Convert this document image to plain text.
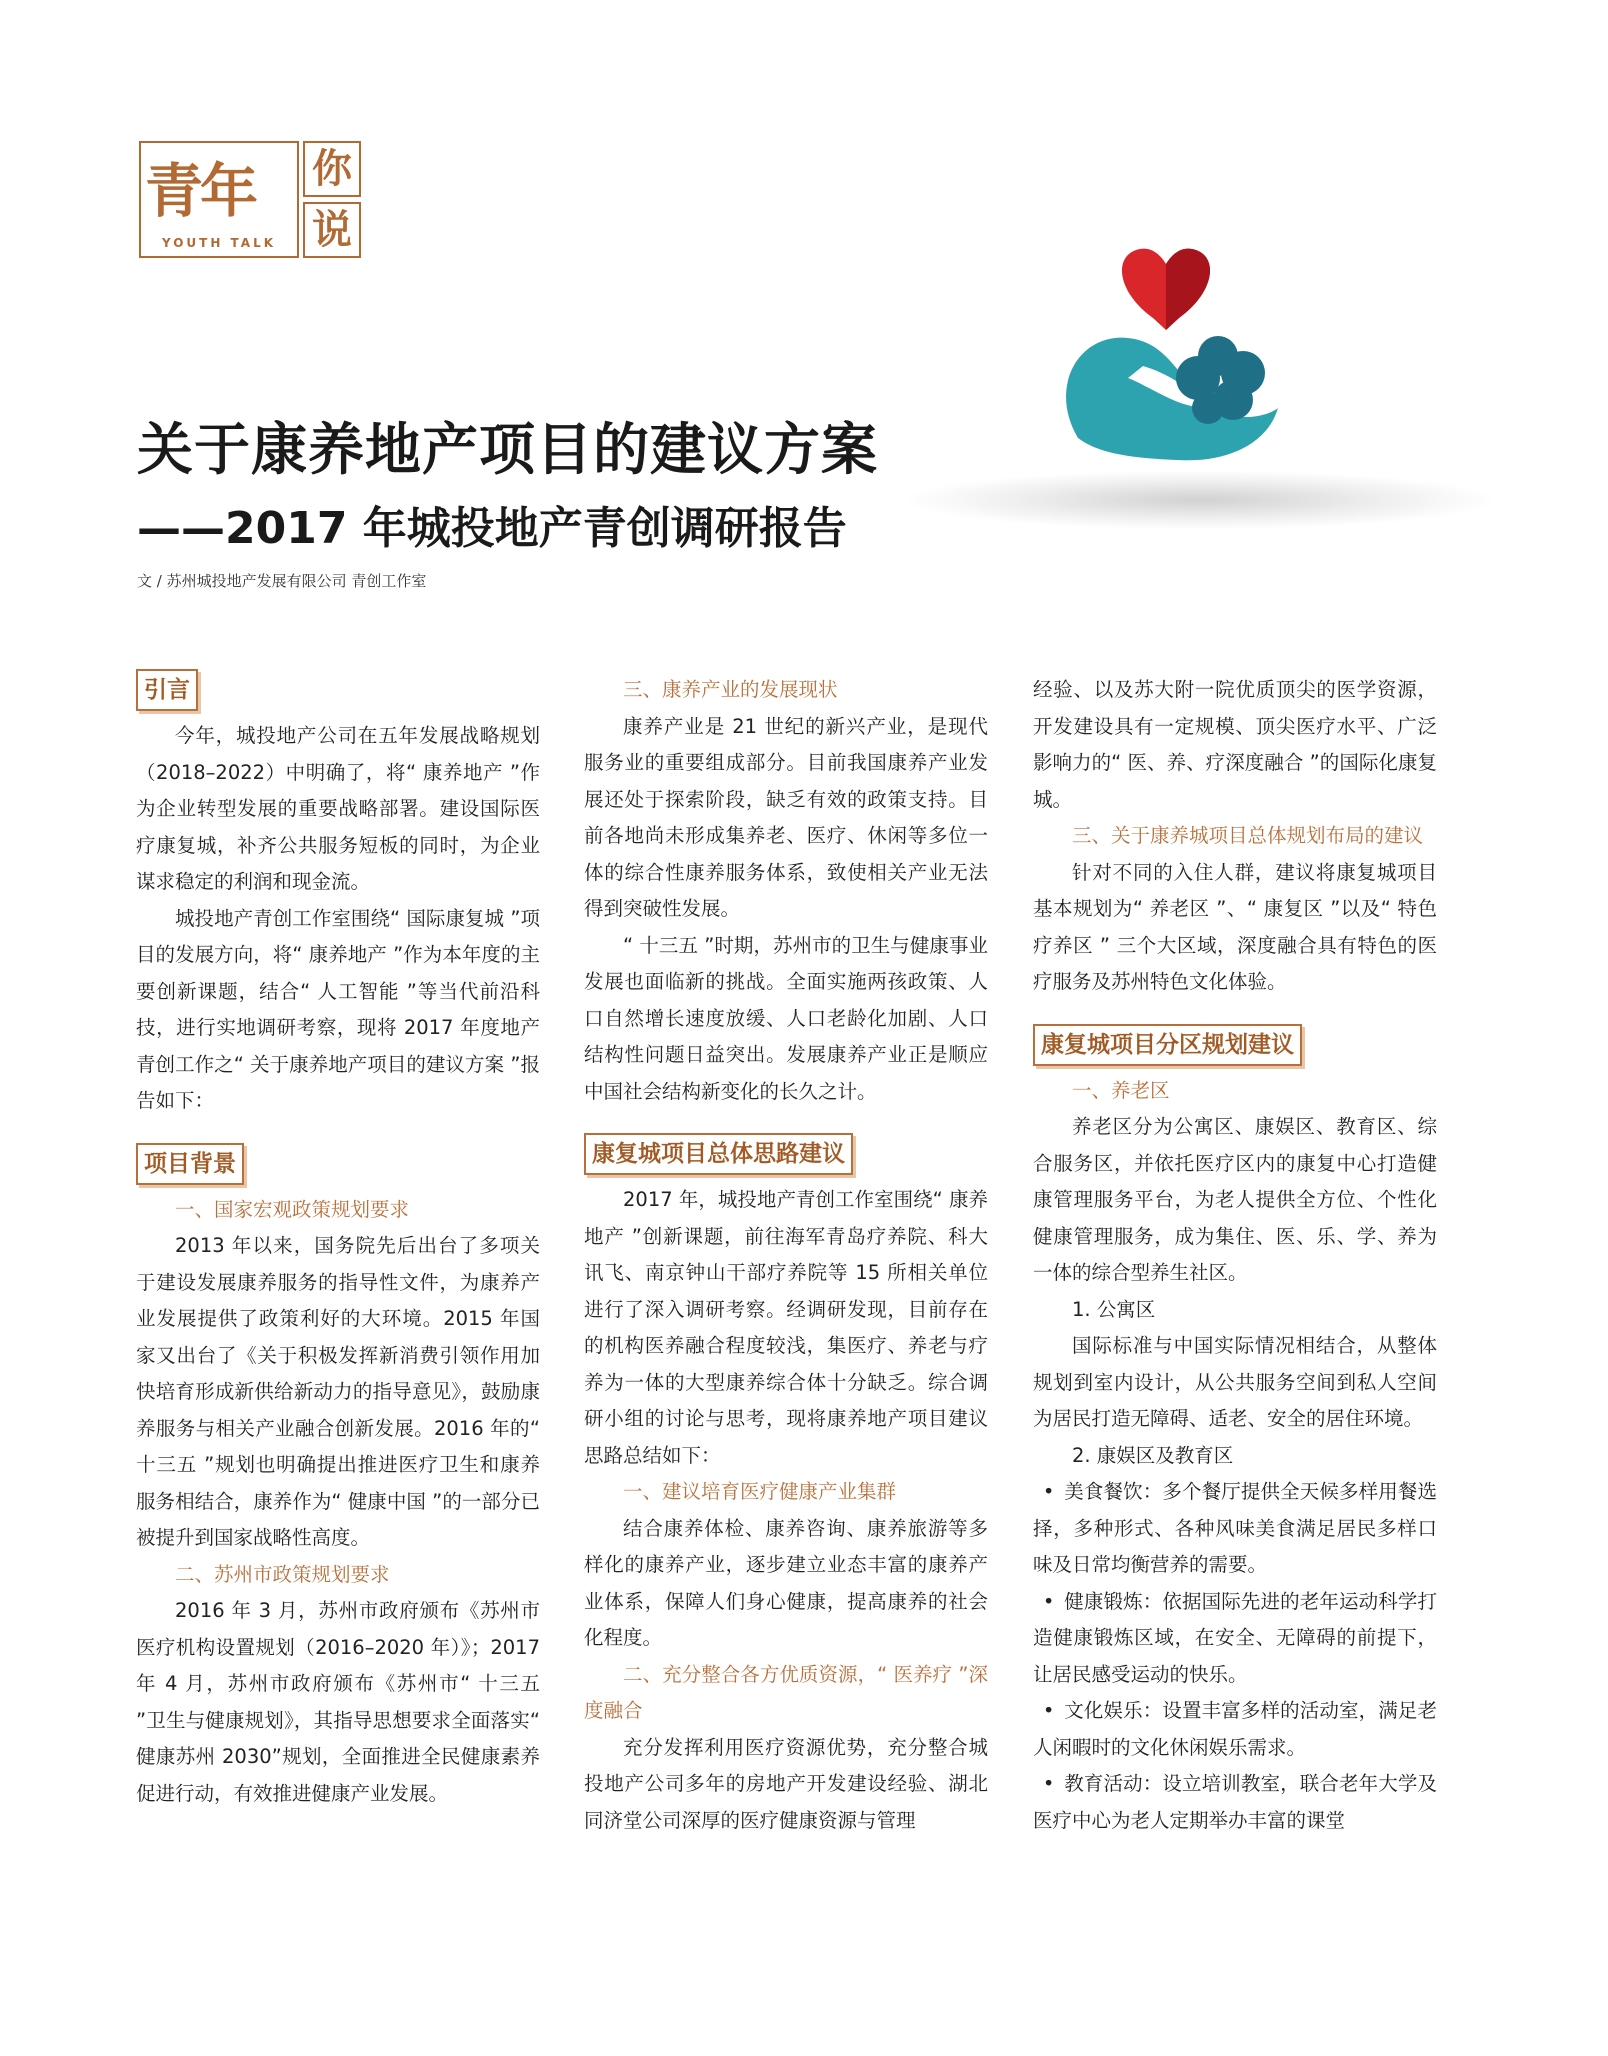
青年
YOUTH TALK
你
说
关于康养地产项目的建议方案
——2017 年城投地产青创调研报告
文 / 苏州城投地产发展有限公司 青创工作室
引言

今年，城投地产公司在五年发展战略规划（2018–2022）中明确了，将“ 康养地产 ”作为企业转型发展的重要战略部署。建设国际医疗康复城，补齐公共服务短板的同时，为企业谋求稳定的利润和现金流。

城投地产青创工作室围绕“ 国际康复城 ”项目的发展方向，将“ 康养地产 ”作为本年度的主要创新课题，结合“ 人工智能 ”等当代前沿科技，进行实地调研考察，现将 2017 年度地产青创工作之“ 关于康养地产项目的建议方案 ”报告如下：

项目背景

一、国家宏观政策规划要求

2013 年以来，国务院先后出台了多项关于建设发展康养服务的指导性文件，为康养产业发展提供了政策利好的大环境。2015 年国家又出台了《关于积极发挥新消费引领作用加快培育形成新供给新动力的指导意见》，鼓励康养服务与相关产业融合创新发展。2016 年的“ 十三五 ”规划也明确提出推进医疗卫生和康养服务相结合，康养作为“ 健康中国 ”的一部分已被提升到国家战略性高度。

二、苏州市政策规划要求

2016 年 3 月，苏州市政府颁布《苏州市医疗机构设置规划（2016–2020 年）》；2017 年 4 月，苏州市政府颁布《苏州市“ 十三五 ”卫生与健康规划》，其指导思想要求全面落实“ 健康苏州 2030”规划，全面推进全民健康素养促进行动，有效推进健康产业发展。

三、康养产业的发展现状

康养产业是 21 世纪的新兴产业，是现代服务业的重要组成部分。目前我国康养产业发展还处于探索阶段，缺乏有效的政策支持。目前各地尚未形成集养老、医疗、休闲等多位一体的综合性康养服务体系，致使相关产业无法得到突破性发展。

“ 十三五 ”时期，苏州市的卫生与健康事业发展也面临新的挑战。全面实施两孩政策、人口自然增长速度放缓、人口老龄化加剧、人口结构性问题日益突出。发展康养产业正是顺应中国社会结构新变化的长久之计。

康复城项目总体思路建议

2017 年，城投地产青创工作室围绕“ 康养地产 ”创新课题，前往海军青岛疗养院、科大讯飞、南京钟山干部疗养院等 15 所相关单位进行了深入调研考察。经调研发现，目前存在的机构医养融合程度较浅，集医疗、养老与疗养为一体的大型康养综合体十分缺乏。综合调研小组的讨论与思考，现将康养地产项目建议思路总结如下：

一、建议培育医疗健康产业集群

结合康养体检、康养咨询、康养旅游等多样化的康养产业，逐步建立业态丰富的康养产业体系，保障人们身心健康，提高康养的社会化程度。

二、充分整合各方优质资源，“ 医养疗 ”深度融合

充分发挥利用医疗资源优势，充分整合城投地产公司多年的房地产开发建设经验、湖北同济堂公司深厚的医疗健康资源与管理

经验、以及苏大附一院优质顶尖的医学资源，开发建设具有一定规模、顶尖医疗水平、广泛影响力的“ 医、养、疗深度融合 ”的国际化康复城。

三、关于康养城项目总体规划布局的建议

针对不同的入住人群，建议将康复城项目基本规划为“ 养老区 ”、“ 康复区 ”以及“ 特色疗养区 ” 三个大区域，深度融合具有特色的医疗服务及苏州特色文化体验。

康复城项目分区规划建议

一、养老区

养老区分为公寓区、康娱区、教育区、综合服务区，并依托医疗区内的康复中心打造健康管理服务平台，为老人提供全方位、个性化健康管理服务，成为集住、医、乐、学、养为一体的综合型养生社区。

1. 公寓区

国际标准与中国实际情况相结合，从整体规划到室内设计，从公共服务空间到私人空间为居民打造无障碍、适老、安全的居住环境。

2. 康娱区及教育区

• 美食餐饮：多个餐厅提供全天候多样用餐选择，多种形式、各种风味美食满足居民多样口味及日常均衡营养的需要。

• 健康锻炼：依据国际先进的老年运动科学打造健康锻炼区域，在安全、无障碍的前提下，让居民感受运动的快乐。

• 文化娱乐：设置丰富多样的活动室，满足老人闲暇时的文化休闲娱乐需求。

• 教育活动：设立培训教室，联合老年大学及医疗中心为老人定期举办丰富的课堂
